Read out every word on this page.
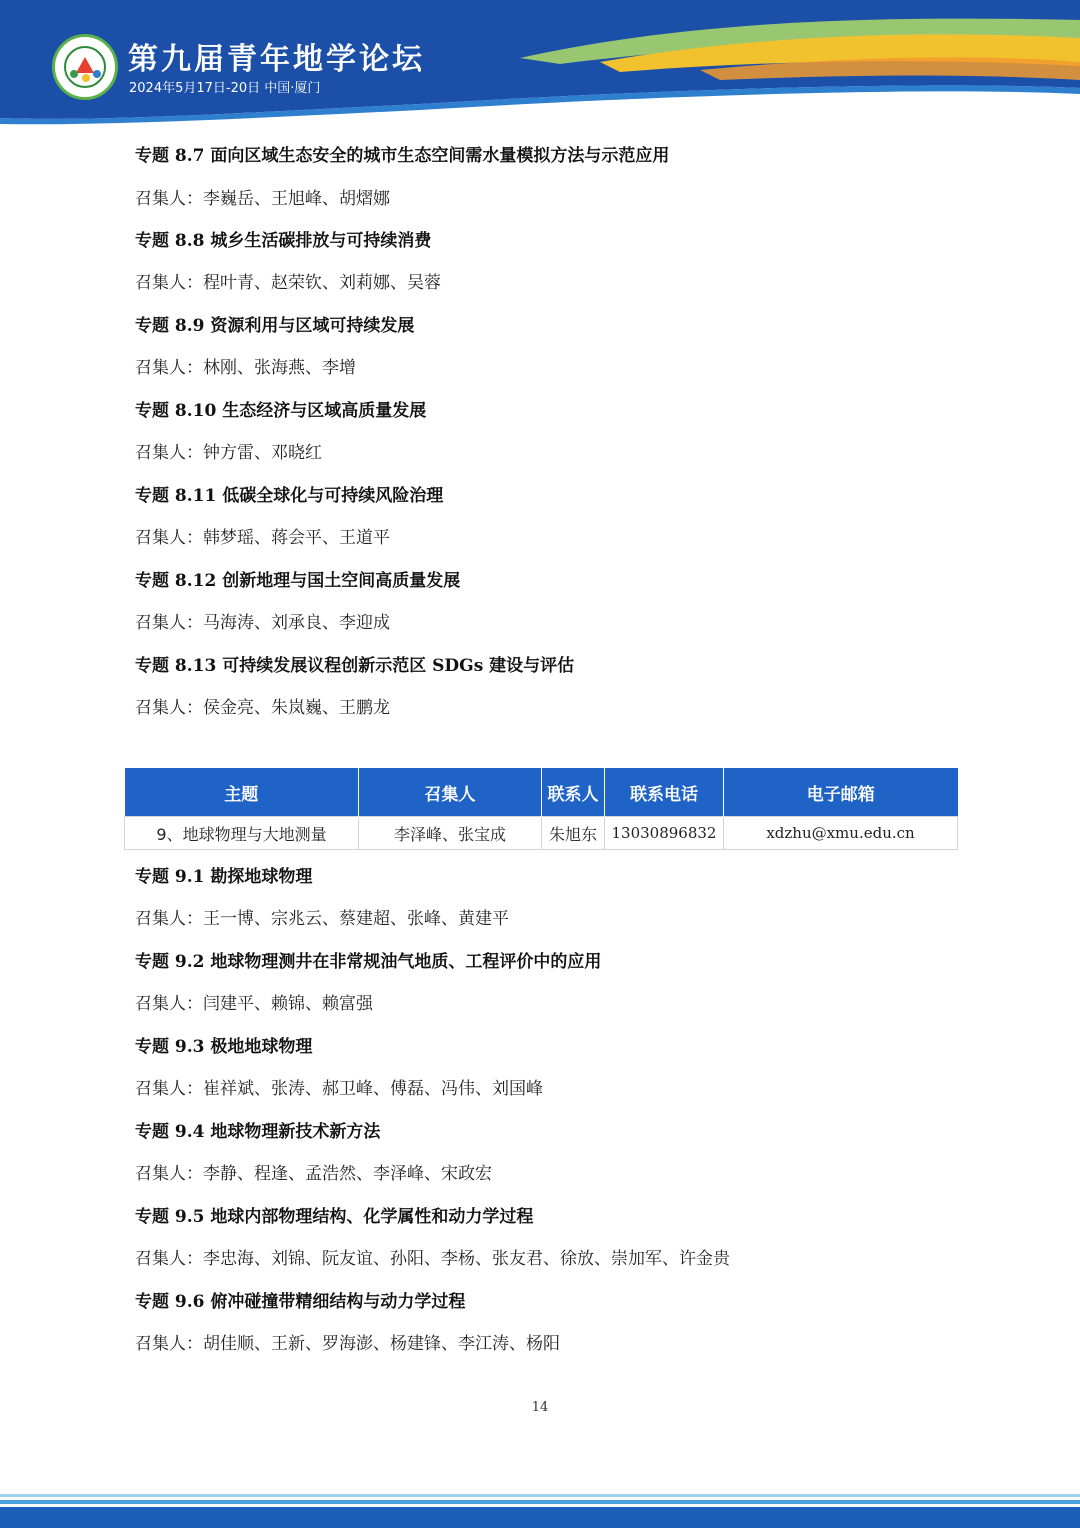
第九届青年地学论坛
2024年5月17日-20日 中国·厦门
专题 8.7 面向区域生态安全的城市生态空间需水量模拟方法与示范应用
召集人：李巍岳、王旭峰、胡熠娜
专题 8.8 城乡生活碳排放与可持续消费
召集人：程叶青、赵荣钦、刘莉娜、吴蓉
专题 8.9 资源利用与区域可持续发展
召集人：林刚、张海燕、李增
专题 8.10 生态经济与区域高质量发展
召集人：钟方雷、邓晓红
专题 8.11 低碳全球化与可持续风险治理
召集人：韩梦瑶、蒋会平、王道平
专题 8.12 创新地理与国土空间高质量发展
召集人：马海涛、刘承良、李迎成
专题 8.13 可持续发展议程创新示范区 SDGs 建设与评估
召集人：侯金亮、朱岚巍、王鹏龙
主题	召集人	联系人	联系电话	电子邮箱
9、地球物理与大地测量	李泽峰、张宝成	朱旭东	13030896832	xdzhu@xmu.edu.cn
专题 9.1 勘探地球物理
召集人：王一博、宗兆云、蔡建超、张峰、黄建平
专题 9.2 地球物理测井在非常规油气地质、工程评价中的应用
召集人：闫建平、赖锦、赖富强
专题 9.3 极地地球物理
召集人：崔祥斌、张涛、郝卫峰、傅磊、冯伟、刘国峰
专题 9.4 地球物理新技术新方法
召集人：李静、程逢、孟浩然、李泽峰、宋政宏
专题 9.5 地球内部物理结构、化学属性和动力学过程
召集人：李忠海、刘锦、阮友谊、孙阳、李杨、张友君、徐放、崇加军、许金贵
专题 9.6 俯冲碰撞带精细结构与动力学过程
召集人：胡佳顺、王新、罗海澎、杨建锋、李江涛、杨阳
14
